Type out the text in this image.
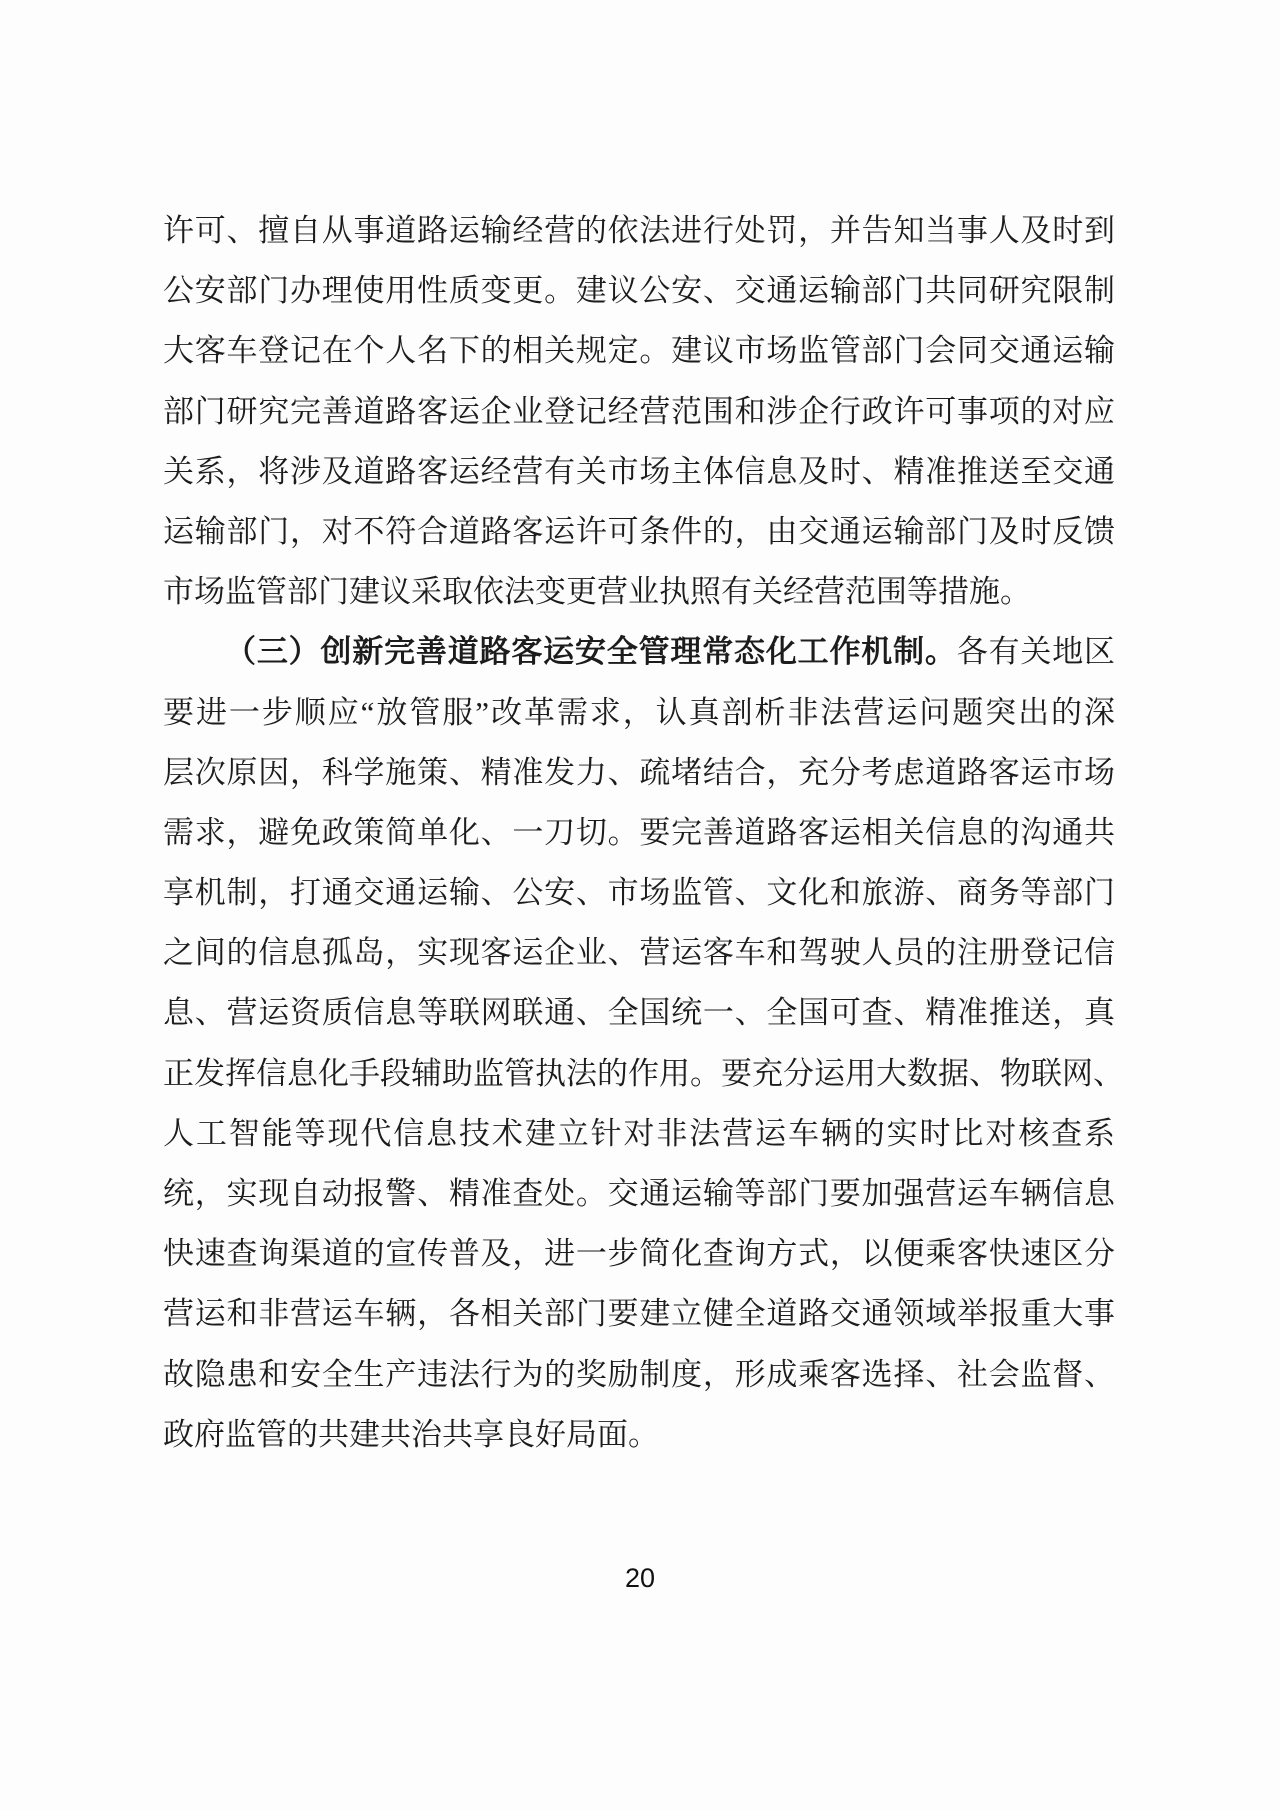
许可、擅自从事道路运输经营的依法进行处罚，并告知当事人及时到
公安部门办理使用性质变更。建议公安、交通运输部门共同研究限制
大客车登记在个人名下的相关规定。建议市场监管部门会同交通运输
部门研究完善道路客运企业登记经营范围和涉企行政许可事项的对应
关系，将涉及道路客运经营有关市场主体信息及时、精准推送至交通
运输部门，对不符合道路客运许可条件的，由交通运输部门及时反馈
市场监管部门建议采取依法变更营业执照有关经营范围等措施。
（三）创新完善道路客运安全管理常态化工作机制。各有关地区
要进一步顺应“放管服”改革需求，认真剖析非法营运问题突出的深
层次原因，科学施策、精准发力、疏堵结合，充分考虑道路客运市场
需求，避免政策简单化、一刀切。要完善道路客运相关信息的沟通共
享机制，打通交通运输、公安、市场监管、文化和旅游、商务等部门
之间的信息孤岛，实现客运企业、营运客车和驾驶人员的注册登记信
息、营运资质信息等联网联通、全国统一、全国可查、精准推送，真
正发挥信息化手段辅助监管执法的作用。要充分运用大数据、物联网、
人工智能等现代信息技术建立针对非法营运车辆的实时比对核查系
统，实现自动报警、精准查处。交通运输等部门要加强营运车辆信息
快速查询渠道的宣传普及，进一步简化查询方式，以便乘客快速区分
营运和非营运车辆，各相关部门要建立健全道路交通领域举报重大事
故隐患和安全生产违法行为的奖励制度，形成乘客选择、社会监督、
政府监管的共建共治共享良好局面。
20
